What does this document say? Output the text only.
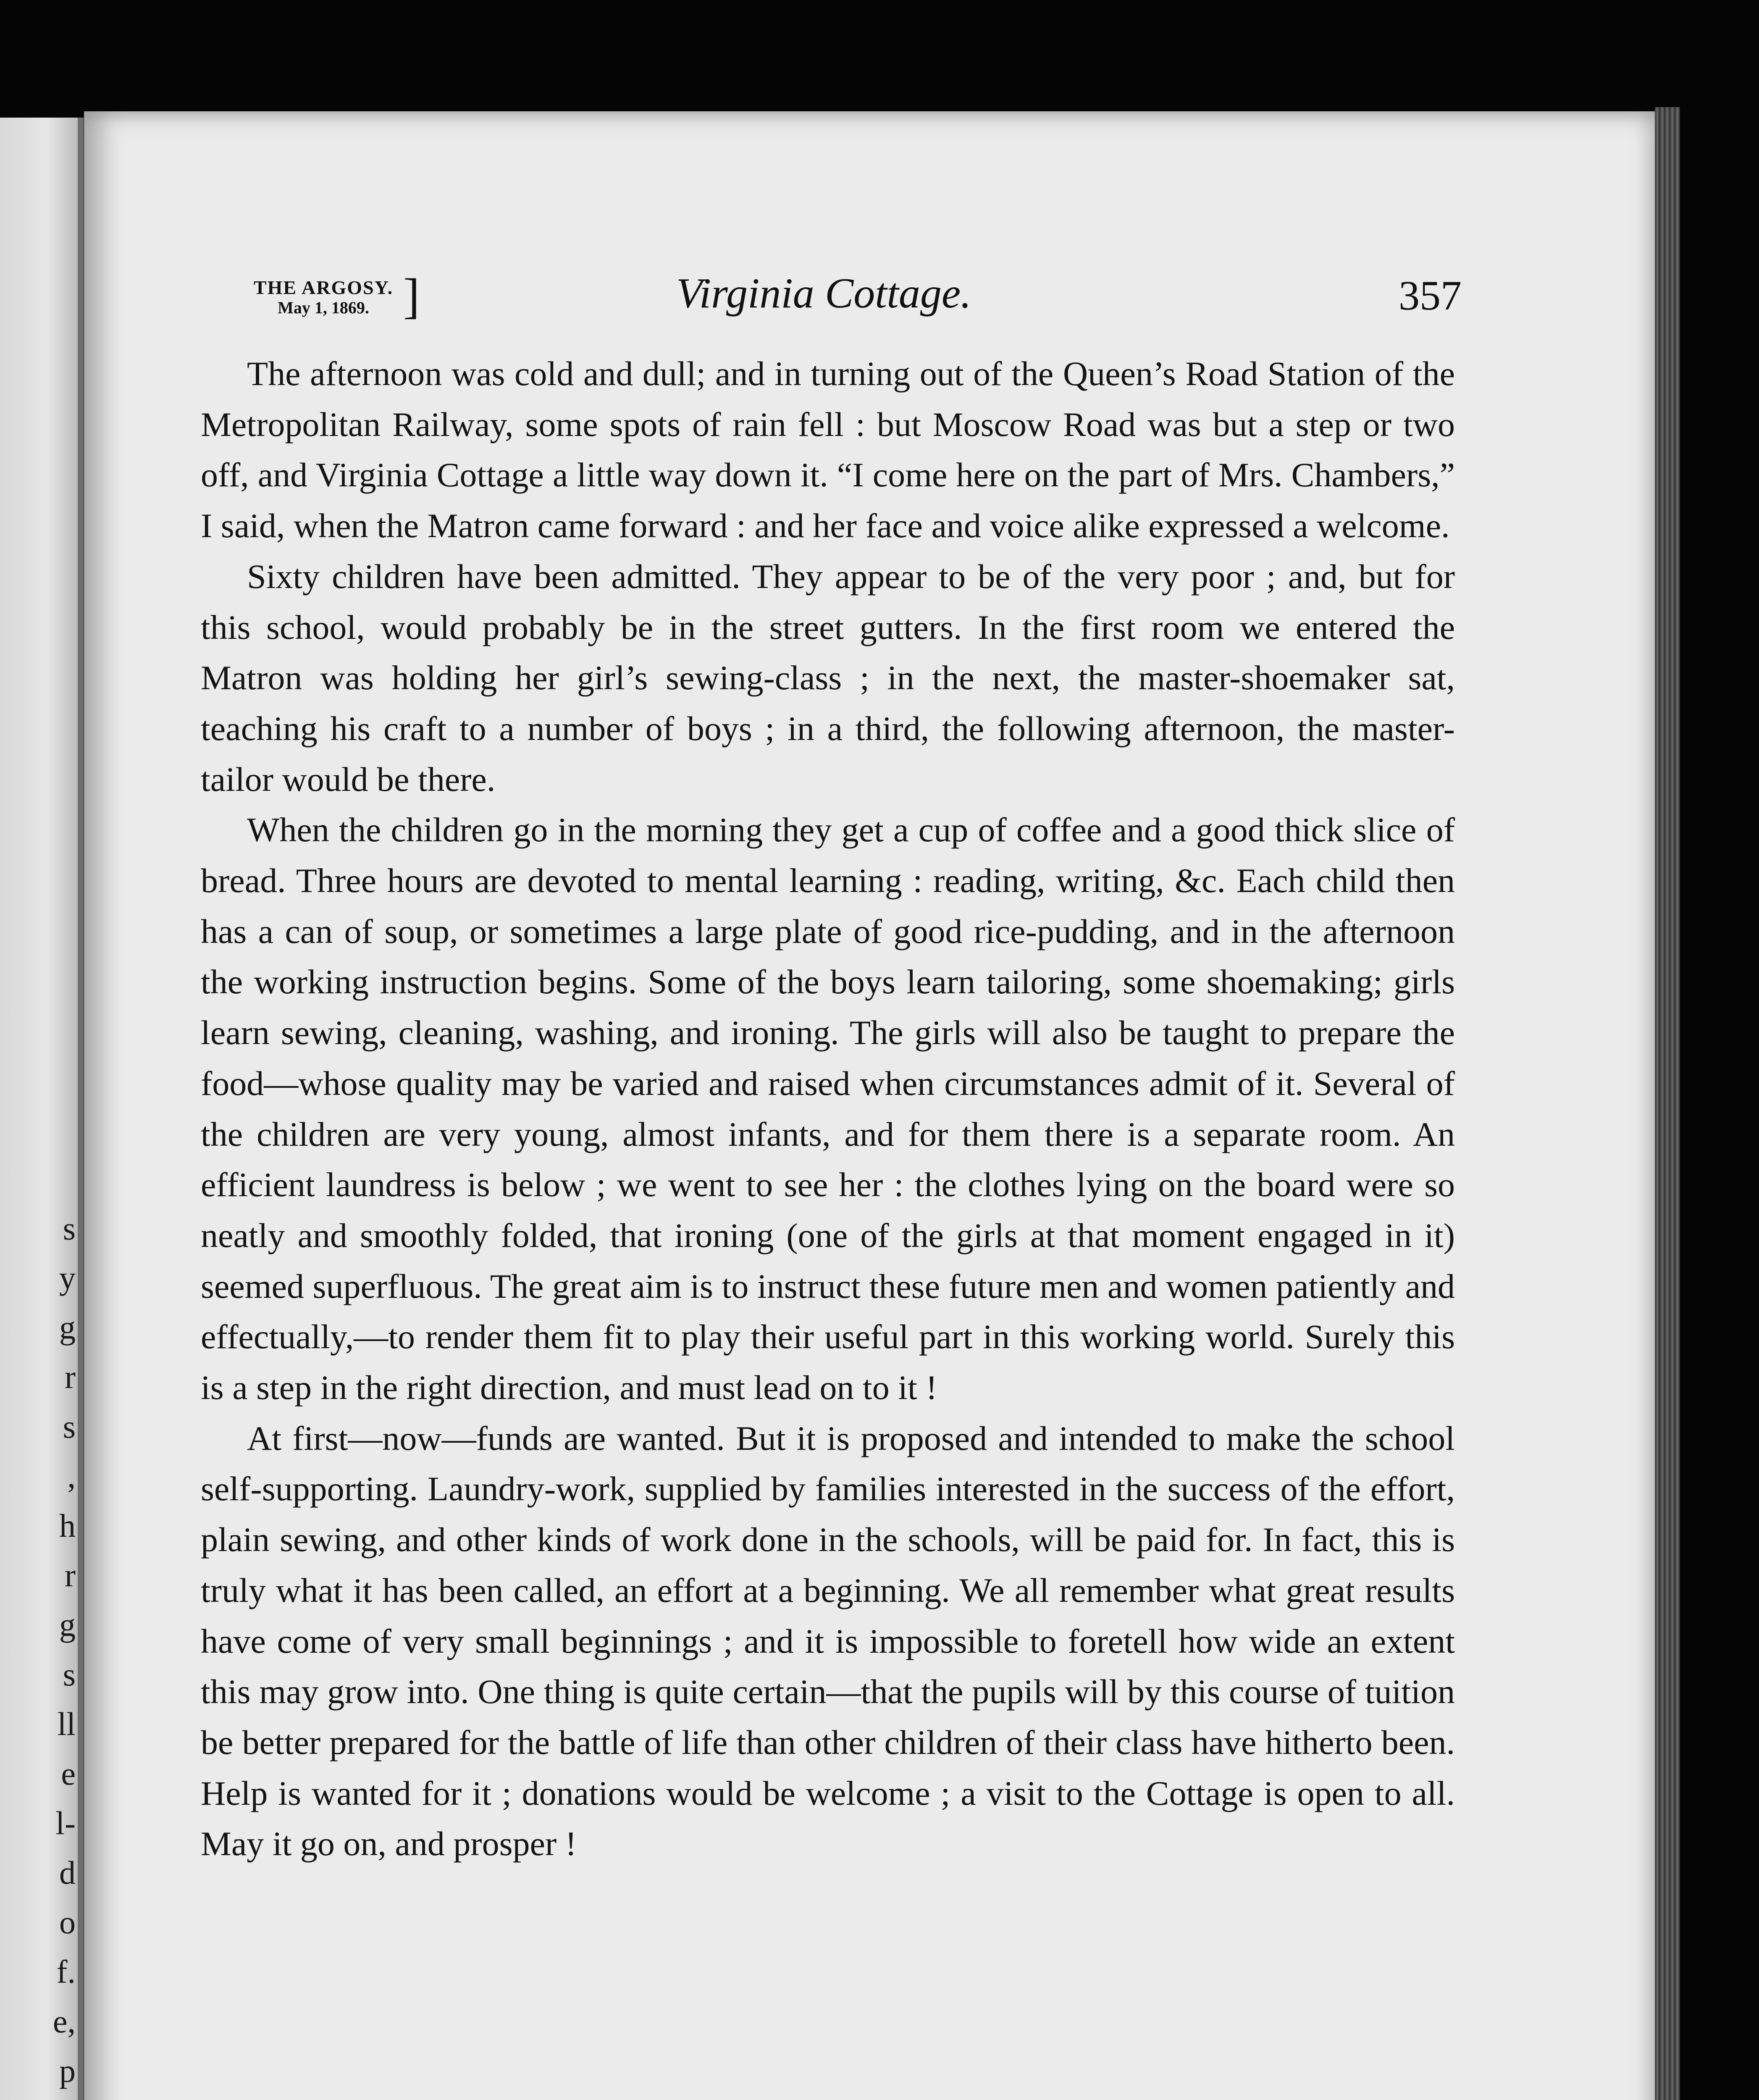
s
y
g
r
s
,
h
r
g
s
ll
e
l-
d
o
f.
e,
p
THE ARGOSY.
May 1, 1869. ]	Virginia Cottage.	357

The afternoon was cold and dull; and in turning out of the Queen’s Road Station of the Metropolitan Railway, some spots of rain fell : but Moscow Road was but a step or two off, and Virginia Cottage a little way down it. “I come here on the part of Mrs. Chambers,” I said, when the Matron came forward : and her face and voice alike expressed a welcome.

Sixty children have been admitted. They appear to be of the very poor ; and, but for this school, would probably be in the street gutters. In the first room we entered the Matron was holding her girl’s sewing-class ; in the next, the master-shoemaker sat, teaching his craft to a number of boys ; in a third, the following afternoon, the master-tailor would be there.

When the children go in the morning they get a cup of coffee and a good thick slice of bread. Three hours are devoted to mental learning : reading, writing, &c. Each child then has a can of soup, or sometimes a large plate of good rice-pudding, and in the afternoon the working instruction begins. Some of the boys learn tailoring, some shoemaking; girls learn sewing, cleaning, washing, and ironing. The girls will also be taught to prepare the food—whose quality may be varied and raised when circumstances admit of it. Several of the children are very young, almost infants, and for them there is a separate room. An efficient laundress is below ; we went to see her : the clothes lying on the board were so neatly and smoothly folded, that ironing (one of the girls at that moment engaged in it) seemed superfluous. The great aim is to instruct these future men and women patiently and effectually,—to render them fit to play their useful part in this working world. Surely this is a step in the right direction, and must lead on to it !

At first—now—funds are wanted. But it is proposed and intended to make the school self-supporting. Laundry-work, supplied by families interested in the success of the effort, plain sewing, and other kinds of work done in the schools, will be paid for. In fact, this is truly what it has been called, an effort at a beginning. We all remember what great results have come of very small beginnings ; and it is impossible to foretell how wide an extent this may grow into. One thing is quite certain—that the pupils will by this course of tuition be better prepared for the battle of life than other children of their class have hitherto been. Help is wanted for it ; donations would be welcome ; a visit to the Cottage is open to all. May it go on, and prosper !
